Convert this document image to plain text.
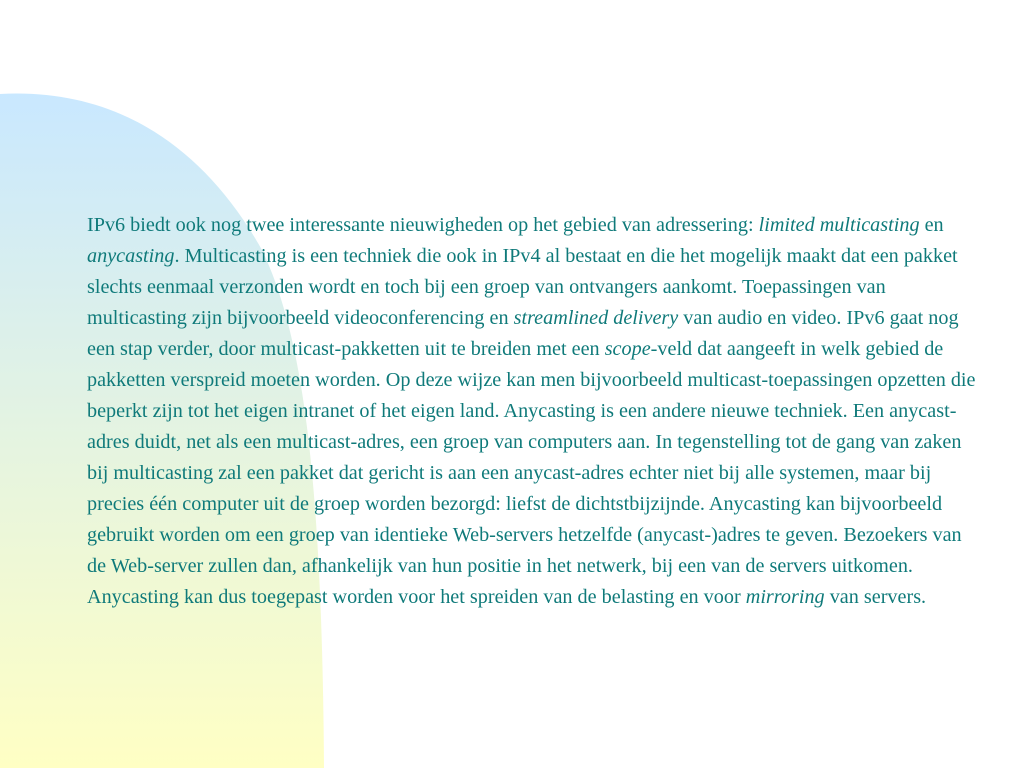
IPv6 biedt ook nog twee interessante nieuwigheden op het gebied van adressering: limited multicasting en anycasting. Multicasting is een techniek die ook in IPv4 al bestaat en die het mogelijk maakt dat een pakket slechts eenmaal verzonden wordt en toch bij een groep van ontvangers aankomt. Toepassingen van multicasting zijn bijvoorbeeld videoconferencing en streamlined delivery van audio en video. IPv6 gaat nog een stap verder, door multicast-pakketten uit te breiden met een scope-veld dat aangeeft in welk gebied de pakketten verspreid moeten worden. Op deze wijze kan men bijvoorbeeld multicast-toepassingen opzetten die beperkt zijn tot het eigen intranet of het eigen land. Anycasting is een andere nieuwe techniek. Een anycast-adres duidt, net als een multicast-adres, een groep van computers aan. In tegenstelling tot de gang van zaken bij multicasting zal een pakket dat gericht is aan een anycast-adres echter niet bij alle systemen, maar bij precies één computer uit de groep worden bezorgd: liefst de dichtstbijzijnde. Anycasting kan bijvoorbeeld gebruikt worden om een groep van identieke Web-servers hetzelfde (anycast-)adres te geven. Bezoekers van de Web-server zullen dan, afhankelijk van hun positie in het netwerk, bij een van de servers uitkomen. Anycasting kan dus toegepast worden voor het spreiden van de belasting en voor mirroring van servers.
